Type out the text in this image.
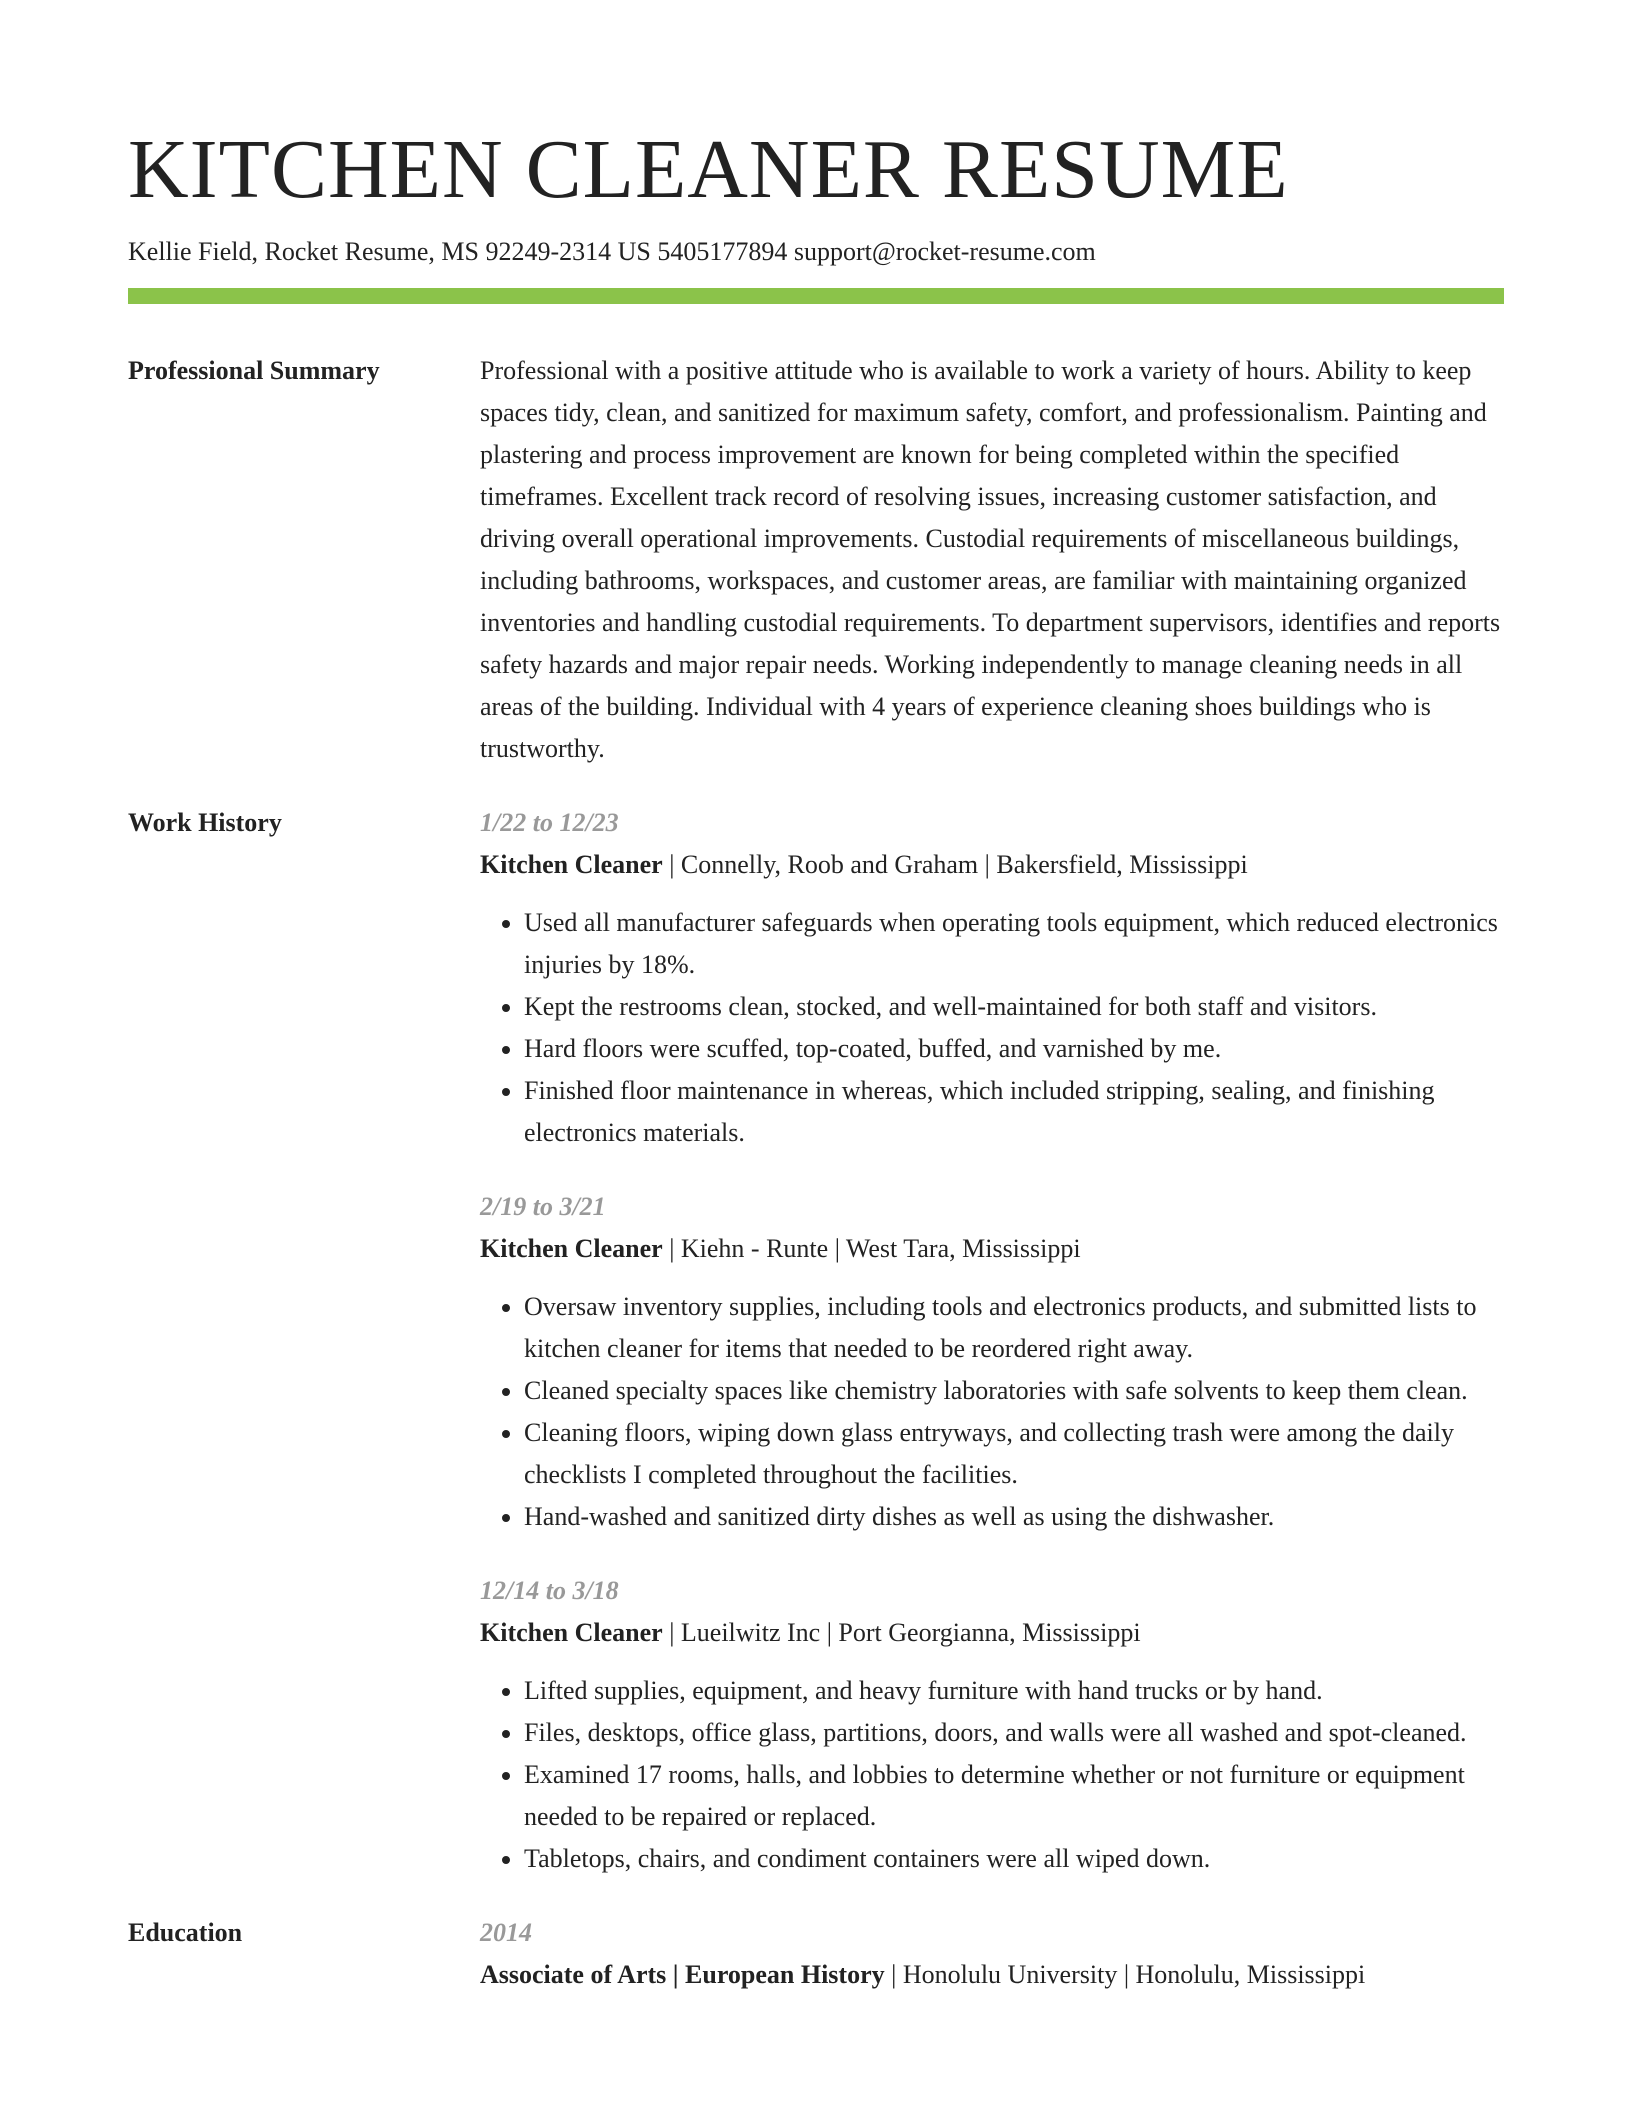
KITCHEN CLEANER RESUME
Kellie Field, Rocket Resume, MS 92249-2314 US 5405177894 support@rocket-resume.com
Professional Summary	Professional with a positive attitude who is available to work a variety of hours. Ability to keep spaces tidy, clean, and sanitized for maximum safety, comfort, and professionalism. Painting and plastering and process improvement are known for being completed within the specified timeframes. Excellent track record of resolving issues, increasing customer satisfaction, and driving overall operational improvements. Custodial requirements of miscellaneous buildings, including bathrooms, workspaces, and customer areas, are familiar with maintaining organized inventories and handling custodial requirements. To department supervisors, identifies and reports safety hazards and major repair needs. Working independently to manage cleaning needs in all areas of the building. Individual with 4 years of experience cleaning shoes buildings who is trustworthy.

Work History	1/22 to 12/23
Kitchen Cleaner | Connelly, Roob and Graham | Bakersfield, Mississippi
• Used all manufacturer safeguards when operating tools equipment, which reduced electronics injuries by 18%.
• Kept the restrooms clean, stocked, and well-maintained for both staff and visitors.
• Hard floors were scuffed, top-coated, buffed, and varnished by me.
• Finished floor maintenance in whereas, which included stripping, sealing, and finishing electronics materials.
2/19 to 3/21
Kitchen Cleaner | Kiehn - Runte | West Tara, Mississippi
• Oversaw inventory supplies, including tools and electronics products, and submitted lists to kitchen cleaner for items that needed to be reordered right away.
• Cleaned specialty spaces like chemistry laboratories with safe solvents to keep them clean.
• Cleaning floors, wiping down glass entryways, and collecting trash were among the daily checklists I completed throughout the facilities.
• Hand-washed and sanitized dirty dishes as well as using the dishwasher.
12/14 to 3/18
Kitchen Cleaner | Lueilwitz Inc | Port Georgianna, Mississippi
• Lifted supplies, equipment, and heavy furniture with hand trucks or by hand.
• Files, desktops, office glass, partitions, doors, and walls were all washed and spot-cleaned.
• Examined 17 rooms, halls, and lobbies to determine whether or not furniture or equipment needed to be repaired or replaced.
• Tabletops, chairs, and condiment containers were all wiped down.
Education	2014
Associate of Arts | European History | Honolulu University | Honolulu, Mississippi
